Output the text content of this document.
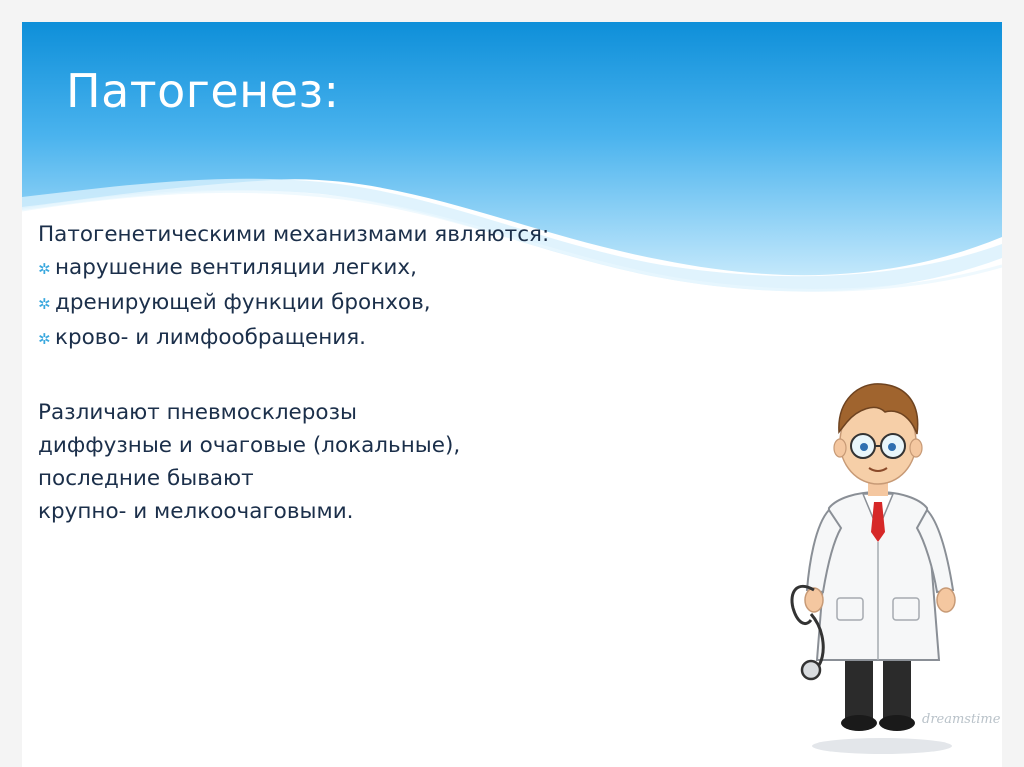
Патогенез:

Патогенетическими механизмами являются:

✲ нарушение вентиляции легких,

✲ дренирующей функции бронхов,

✲ крово- и лимфообращения.

Различают пневмосклерозы

диффузные и очаговые (локальные),

последние бывают

крупно- и мелкоочаговыми.

dreamstime
